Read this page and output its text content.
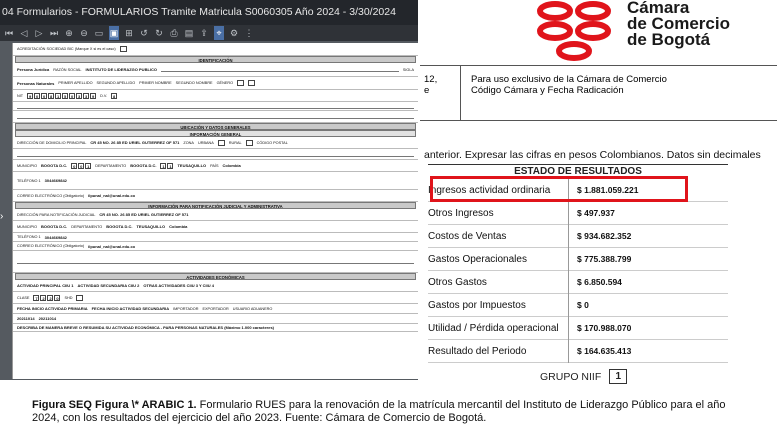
04 Formularios - FORMULARIOS Tramite Matricula S0060305 Año 2024 - 3/30/2024
⏮ ◁ ▷ ⏭ ⊕ ⊖ ▭ ▣ ⊞ ↺ ↻ ⎙ ▤ ⇪ ⌖ ⚙ ⋮
›
ACREDITACIÓN SOCIEDAD BIC (Marque X si es el caso)
IDENTIFICACIÓN
Persona Jurídica RAZÓN SOCIAL INSTITUTO DE LIDERAZGO PUBLICO	SIGLA
Personas Naturales PRIMER APELLIDO SEGUNDO APELLIDO PRIMER NOMBRE SEGUNDO NOMBRE GÉNERO
NIT	9	0	0	8	1	5	0	3	3	9	D.V.	8
UBICACIÓN Y DATOS GENERALES
INFORMACIÓN GENERAL
DIRECCIÓN DE DOMICILIO PRINCIPAL CR 45 NO. 26 85 ED URIEL GUTIERREZ OF 571 ZONA URBANA	RURAL	CÓDIGO POSTAL
MUNICIPIO BOGOTA D.C.	0	0	1	DEPARTAMENTO BOGOTA D.C.	1	1	TEUSAQUILLO PAÍS Colombia
TELÉFONO 1 3044669842
CORREO ELECTRÓNICO (Obligatorio) ilpunal_nal@unal.edu.co
INFORMACIÓN PARA NOTIFICACIÓN JUDICIAL Y ADMINISTRATIVA
DIRECCIÓN PARA NOTIFICACIÓN JUDICIAL CR 45 NO. 26 85 ED URIEL GUTIERREZ OF 571
MUNICIPIO BOGOTA D.C. DEPARTAMENTO BOGOTA D.C. TEUSAQUILLO Colombia
TELÉFONO 1 3044669842
CORREO ELECTRÓNICO (Obligatorio) ilpunal_nal@unal.edu.co
ACTIVIDADES ECONÓMICAS
ACTIVIDAD PRINCIPAL CIIU 1 ACTIVIDAD SECUNDARIA CIIU 2 OTRAS ACTIVIDADES CIIU 3 Y CIIU 4
CLASE	7	2	2	0	SHD
FECHA INICIO ACTIVIDAD PRIMARIA FECHA INICIO ACTIVIDAD SECUNDARIA IMPORTADOR EXPORTADOR USUARIO ADUANERO
20211014 20211014
DESCRIBA DE MANERA BREVE O RESUMIDA SU ACTIVIDAD ECONÓMICA - PARA PERSONAS NATURALES (Máximo 1.000 caracteres)
Cámara
de Comercio
de Bogotá
12,
e
Para uso exclusivo de la Cámara de Comercio
Código Cámara y Fecha Radicación
anterior. Expresar las cifras en pesos Colombianos. Datos sin decimales
ESTADO DE RESULTADOS
Ingresos actividad ordinaria	$ 1.881.059.221
Otros Ingresos	$ 497.937
Costos de Ventas	$ 934.682.352
Gastos Operacionales	$ 775.388.799
Otros Gastos	$ 6.850.594
Gastos por Impuestos	$ 0
Utilidad / Pérdida operacional	$ 170.988.070
Resultado del Periodo	$ 164.635.413
GRUPO NIIF	1
Figura SEQ Figura \* ARABIC 1. Formulario RUES para la renovación de la matrícula mercantil del Instituto de Liderazgo Público para el año 2024, con los resultados del ejercicio del año 2023. Fuente: Cámara de Comercio de Bogotá.
